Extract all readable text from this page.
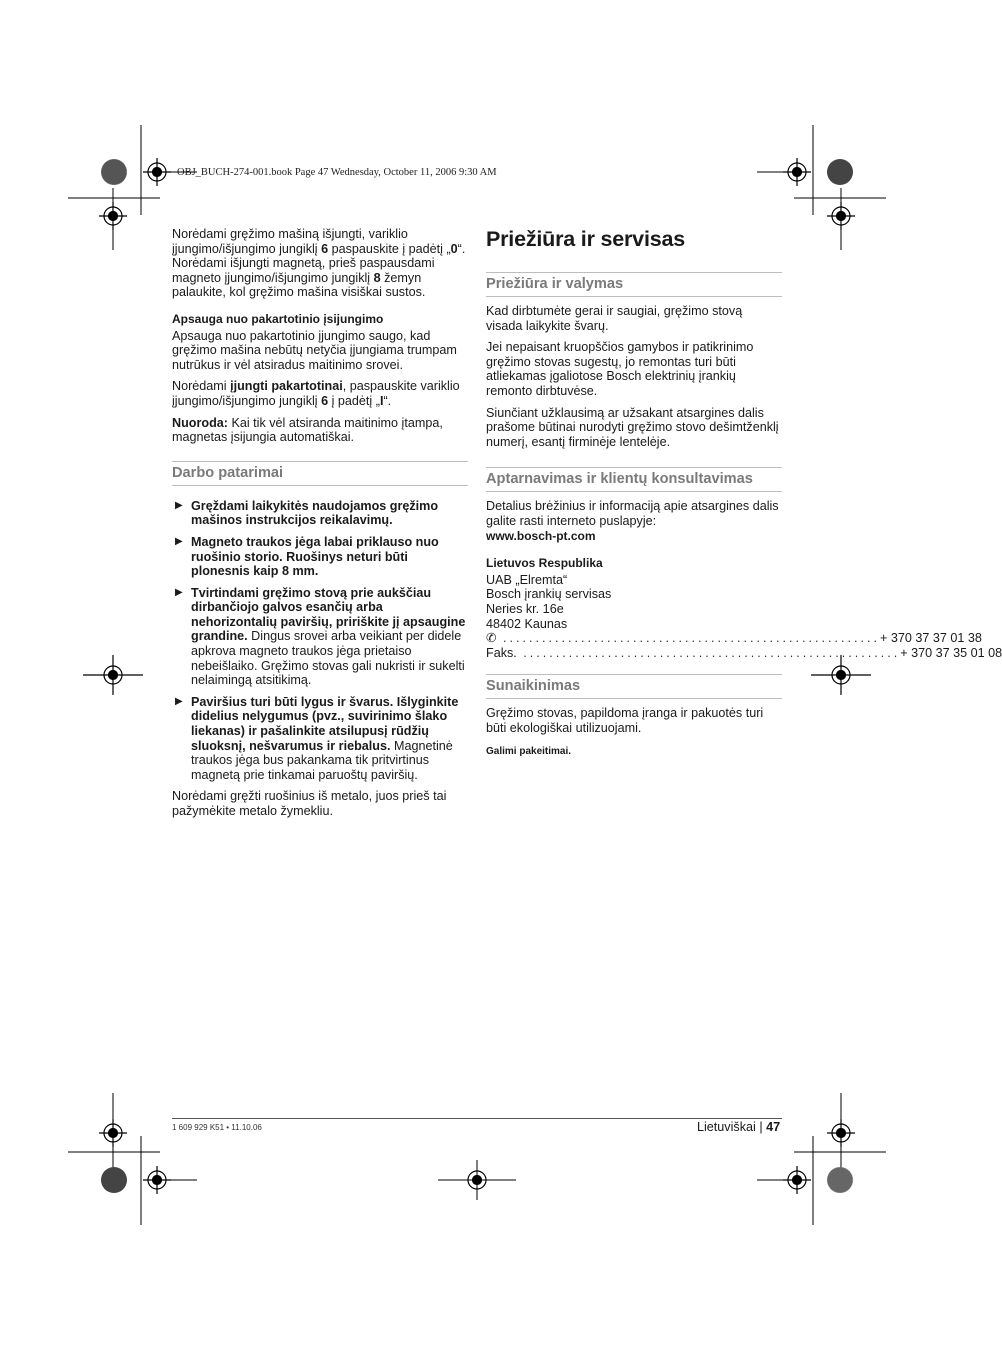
OBJ_BUCH-274-001.book Page 47 Wednesday, October 11, 2006 9:30 AM

Norėdami gręžimo mašiną išjungti, variklio įjungimo/išjungimo jungiklį 6 paspauskite į padėtį „0“.
Norėdami išjungti magnetą, prieš paspausdami magneto įjungimo/išjungimo jungiklį 8 žemyn palaukite, kol gręžimo mašina visiškai sustos.

Apsauga nuo pakartotinio įsijungimo

Apsauga nuo pakartotinio įjungimo saugo, kad gręžimo mašina nebūtų netyčia įjungiama trumpam nutrūkus ir vėl atsiradus maitinimo srovei.

Norėdami įjungti pakartotinai, paspauskite variklio įjungimo/išjungimo jungiklį 6 į padėtį „I“.

Nuoroda: Kai tik vėl atsiranda maitinimo įtampa, magnetas įsijungia automatiškai.

Darbo patarimai
▶ Gręždami laikykitės naudojamos gręžimo mašinos instrukcijos reikalavimų.
▶ Magneto traukos jėga labai priklauso nuo ruošinio storio. Ruošinys neturi būti plonesnis kaip 8 mm.
▶ Tvirtindami gręžimo stovą prie aukščiau dirbančiojo galvos esančių arba nehorizontalių paviršių, pririškite jį apsaugine grandine. Dingus srovei arba veikiant per didele apkrova magneto traukos jėga prietaiso nebeišlaiko. Gręžimo stovas gali nukristi ir sukelti nelaimingą atsitikimą.
▶ Paviršius turi būti lygus ir švarus. Išlyginkite didelius nelygumus (pvz., suvirinimo šlako liekanas) ir pašalinkite atsilupusį rūdžių sluoksnį, nešvarumus ir riebalus. Magnetinė traukos jėga bus pakankama tik pritvirtinus magnetą prie tinkamai paruoštų paviršių.

Norėdami gręžti ruošinius iš metalo, juos prieš tai pažymėkite metalo žymekliu.

Priežiūra ir servisas
Priežiūra ir valymas

Kad dirbtumėte gerai ir saugiai, gręžimo stovą visada laikykite švarų.

Jei nepaisant kruopščios gamybos ir patikrinimo gręžimo stovas sugestų, jo remontas turi būti atliekamas įgaliotose Bosch elektrinių įrankių remonto dirbtuvėse.

Siunčiant užklausimą ar užsakant atsargines dalis prašome būtinai nurodyti gręžimo stovo dešimtženklį numerį, esantį firminėje lentelėje.

Aptarnavimas ir klientų konsultavimas

Detalius brėžinius ir informaciją apie atsargines dalis galite rasti interneto puslapyje:

www.bosch-pt.com

Lietuvos Respublika
UAB „Elremta“
Bosch įrankių servisas
Neries kr. 16e
48402 Kaunas
✆ .......................................................... + 370 37 37 01 38
Faks. .......................................................... + 370 37 35 01 08
Sunaikinimas

Gręžimo stovas, papildoma įranga ir pakuotės turi būti ekologiškai utilizuojami.

Galimi pakeitimai.
1 609 929 K51 • 11.10.06	Lietuviškai | 47
